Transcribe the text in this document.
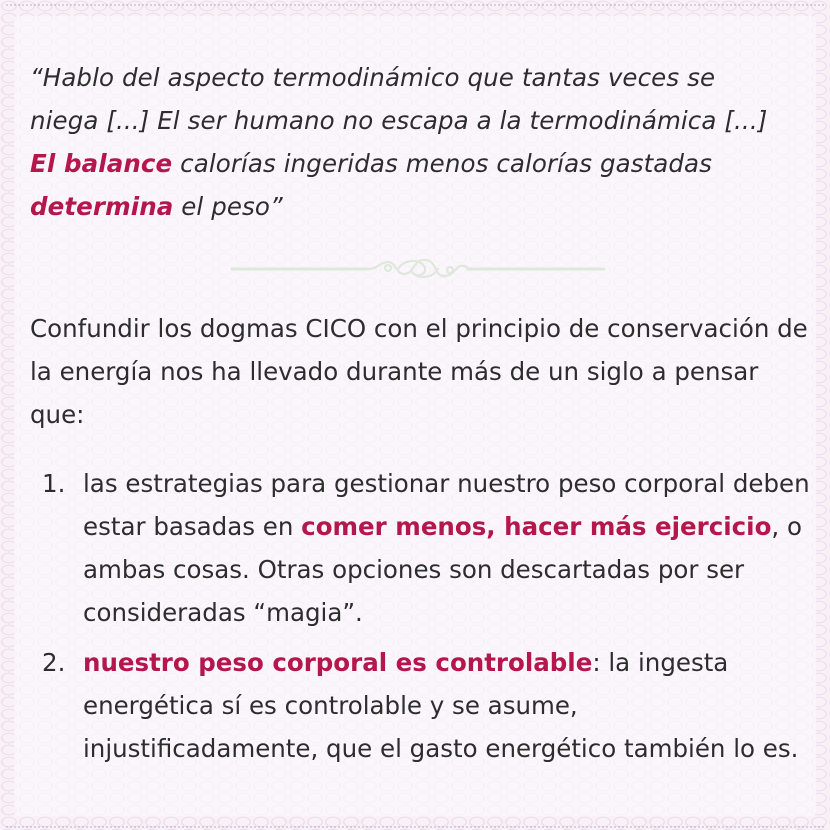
“Hablo del aspecto termodinámico que tantas veces se niega [...] El ser humano no escapa a la termodinámica [...] El balance calorías ingeridas menos calorías gastadas determina el peso”
Confundir los dogmas CICO con el principio de conservación de la energía nos ha llevado durante más de un siglo a pensar que:
1. las estrategias para gestionar nuestro peso corporal deben estar basadas en comer menos, hacer más ejercicio, o ambas cosas. Otras opciones son descartadas por ser consideradas “magia”.
2. nuestro peso corporal es controlable: la ingesta energética sí es controlable y se asume, injustificadamente, que el gasto energético también lo es.
